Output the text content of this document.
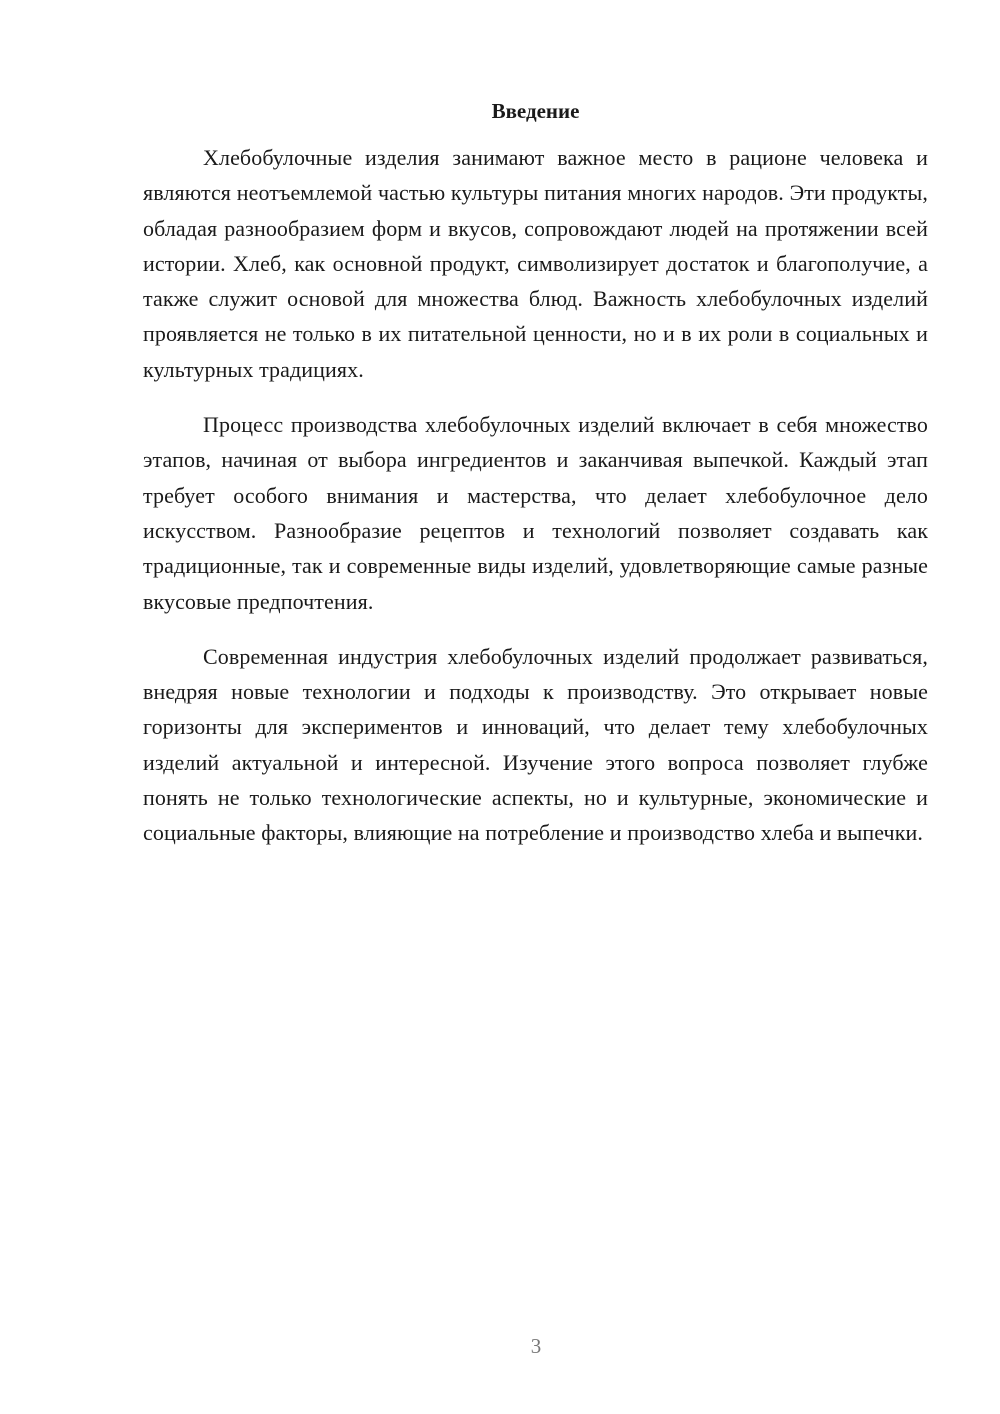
Введение

Хлебобулочные изделия занимают важное место в рационе человека и являются неотъемлемой частью культуры питания многих народов. Эти продукты, обладая разнообразием форм и вкусов, сопровождают людей на протяжении всей истории. Хлеб, как основной продукт, символизирует достаток и благополучие, а также служит основой для множества блюд. Важность хлебобулочных изделий проявляется не только в их питательной ценности, но и в их роли в социальных и культурных традициях.

Процесс производства хлебобулочных изделий включает в себя множество этапов, начиная от выбора ингредиентов и заканчивая выпечкой. Каждый этап требует особого внимания и мастерства, что делает хлебобулочное дело искусством. Разнообразие рецептов и технологий позволяет создавать как традиционные, так и современные виды изделий, удовлетворяющие самые разные вкусовые предпочтения.

Современная индустрия хлебобулочных изделий продолжает развиваться, внедряя новые технологии и подходы к производству. Это открывает новые горизонты для экспериментов и инноваций, что делает тему хлебобулочных изделий актуальной и интересной. Изучение этого вопроса позволяет глубже понять не только технологические аспекты, но и культурные, экономические и социальные факторы, влияющие на потребление и производство хлеба и выпечки.

3
